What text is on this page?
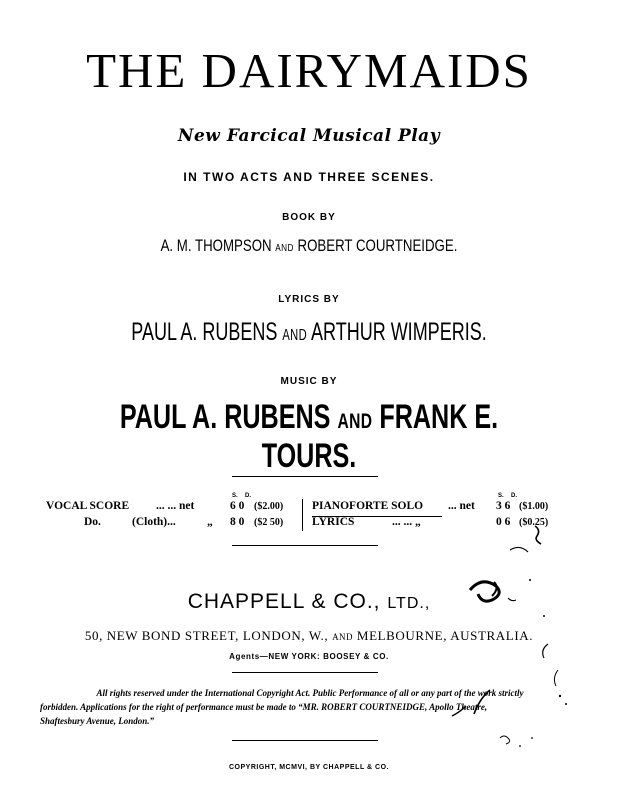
THE DAIRYMAIDS
New Farcical Musical Play
IN TWO ACTS AND THREE SCENES.
BOOK BY
A. M. THOMPSON AND ROBERT COURTNEIDGE.
LYRICS BY
PAUL A. RUBENS AND ARTHUR WIMPERIS.
MUSIC BY
PAUL A. RUBENS AND FRANK E. TOURS.
S. D.	S. D.
VOCAL SCORE ... ... net	6 0 ($2.00)
Do.	(Cloth)...	„ 8 0 ($2 50)
PIANOFORTE SOLO ... net 3 6 ($1.00)
LYRICS	... ... „	0 6 ($0.25)
CHAPPELL & CO., LTD.,
50, NEW BOND STREET, LONDON, W., AND MELBOURNE, AUSTRALIA.
Agents—NEW YORK: BOOSEY & CO.
All rights reserved under the International Copyright Act. Public Performance of all or any part of the work strictly
forbidden. Applications for the right of performance must be made to “MR. ROBERT COURTNEIDGE, Apollo Theatre,
Shaftesbury Avenue, London.”
COPYRIGHT, MCMVI, BY CHAPPELL & CO.
